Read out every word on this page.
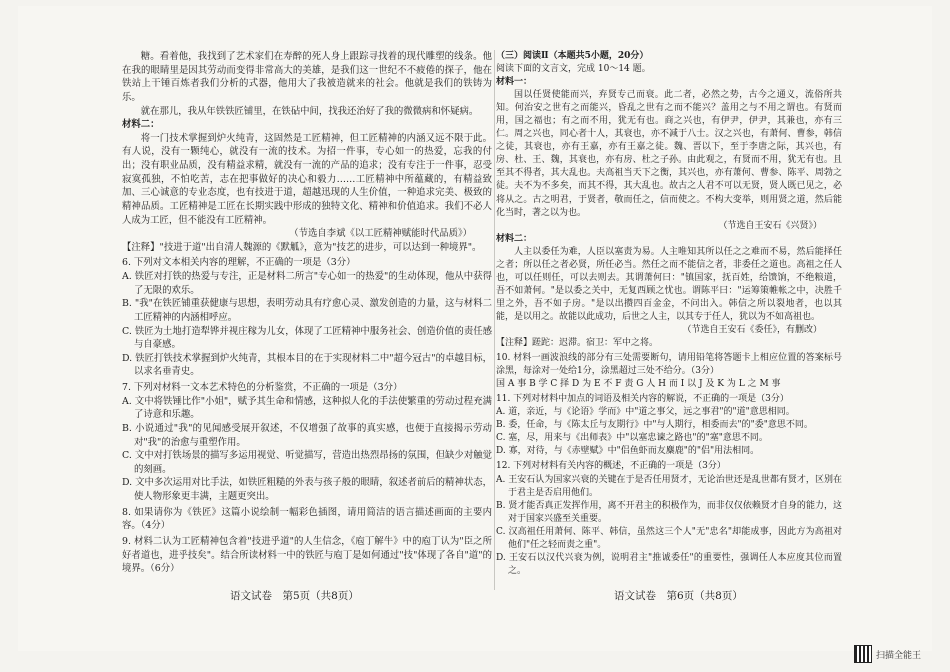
糖。看着他，我找到了艺术家们在寿醉的死人身上跟踪寻找着的现代雕塑的线条。他在我的眼睛里是因其劳动而变得非常高大的美雄，是我们这一世纪不不疲倦的探子，他在铁站上干锤百炼者我们分析的式器，他用大了我被造就来的社会。他就是我们的铁铸为乐。

就在那儿，我从年铁铁匠铺里，在铁砧中间，找我还治好了我的微微病和怀疑病。

材料二：

将一门技术掌握到炉火纯青，这固然是工匠精神，但工匠精神的内涵又远不限于此。有人说，没有一颗纯心，就没有一流的技术。为招一件事，专心如一的热爱，忘我的付出；没有职业品质，没有精益求精，就没有一流的产品的追求；没有专注于一件事，忍受寂寞孤独，不怕吃苦，志在把事做好的决心和毅力……工匠精神中所蕴藏的，有精益致加、三心诚意的专业态度，也有技进于道，超越迅现的人生价值，一种追求完美、极致的精神品质。工匠精神是工匠在长期实践中形成的独特文化、精神和价值追求。我们不必人人成为工匠，但不能没有工匠精神。

（节选自李斌《以工匠精神赋能时代品质》）

【注释】"技进于道"出自清人魏源的《默觚》，意为"技艺的进步，可以达到一种境界"。

6. 下列对文本相关内容的理解，不正确的一项是（3分）

A. 铁匠对打铁的热爱与专注，正是材料二所言"专心如一的热爱"的生动体现，他从中获得了无限的欢乐。

B. "我"在铁匠铺重获健康与思想，表明劳动具有疗愈心灵、激发创造的力量，这与材料二工匠精神的内涵相呼应。

C. 铁匠为土地打造犁铧并视庄稼为儿女，体现了工匠精神中服务社会、创造价值的责任感与自豪感。

D. 铁匠打铁技术掌握到炉火纯青，其根本目的在于实现材料二中"超今冠古"的卓越目标，以求名垂青史。

7. 下列对材料一文本艺术特色的分析鉴赏，不正确的一项是（3分）

A. 文中将铁锤比作"小姐"，赋予其生命和情感，这种拟人化的手法使繁重的劳动过程充满了诗意和乐趣。

B. 小说通过"我"的见闻感受展开叙述，不仅增强了故事的真实感，也便于直接揭示劳动对"我"的治愈与重塑作用。

C. 文中对打铁场景的描写多运用视觉、听觉描写，营造出热烈昂扬的氛围，但缺少对触觉的刻画。

D. 文中多次运用对比手法，如铁匠粗糙的外表与孩子般的眼睛，叙述者前后的精神状态，使人物形象更丰满，主题更突出。

8. 如果请你为《铁匠》这篇小说绘制一幅彩色插图，请用简洁的语言描述画面的主要内容。（4分）

9. 材料二认为工匠精神包含着"技进乎道"的人生信念，《庖丁解牛》中的庖丁认为"臣之所好者道也，进乎技矣"。结合所读材料一中的铁匠与庖丁是如何通过"技"体现了各自"道"的境界。（6分）

（三）阅读Ⅱ（本题共5小题，20分）

阅读下面的文言文，完成 10～14 题。

材料一：

国以任贤使能而兴，弃贤专己而衰。此二者，必然之势，古今之通义，流俗所共知。何治安之世有之而能兴，昏乱之世有之而不能兴？盖用之与不用之谓也。有贤而用，国之福也；有之而不用，犹无有也。商之兴也，有伊尹，伊尹，其兼也，亦有三仁。周之兴也，同心者十人，其衰也，亦不减于八士。汉之兴也，有萧何、曹参，韩信之徒，其衰也，亦有王嘉，亦有王嘉之徒。魏、晋以下，至于李唐之际，其兴也，有房、杜、王、魏，其衰也，亦有房、杜之子孙。由此观之，有贤而不用，犹无有也。且至其不得者，其大乱也。夫高祖当天下之衡，其兴也，亦有萧何、曹参、陈平、周勃之徒。夫不为不多矣，而其不得，其大乱也。故古之人君不可以无贤，贤人既已见之，必将从之。古之明君，于贤者，敬而任之，信而使之。不构大变举，则用贤之道，然后能化当时，著之以为也。

（节选自王安石《兴贤》）

材料二：

人主以委任为难，人臣以塞责为易。人主唯知其所以任之之难而不易，然后能择任之者；所以任之者必贤，所任必当。然任之而不能信之者，非委任之道也。高祖之任人也，可以任则任，可以去则去。其谓萧何曰："镇国家，抚百姓，给馈饷，不绝粮道，吾不如萧何。"是以委之关中，无复西顾之忧也。谓陈平曰："运筹策帷帐之中，决胜千里之外，吾不如子房。"是以出攒四百金金，不问出入。韩信之所以裂地者，也以其能，是以用之。故能以此成功，后世之人主，以其专于任人，犹以为不如高祖也。

（节选自王安石《委任》，有删改）

【注释】蹉跎：迟滞。宿卫：军中之将。

10. 材料一画波浪线的部分有三处需要断句，请用铅笔将答题卡上相应位置的答案标号涂黑，每涂对一处给1分，涂黑超过三处不给分。（3分）

国 A 事 B 学 C 择 D 为 E 不 F 责 G 人 H 而 I 以 J 及 K 为 L 之 M 事

11. 下列对材料中加点的词语及相关内容的解说，不正确的一项是（3分）

A. 道，亲近，与《论语》学而》中"道之事父，远之事君"的"道"意思相同。

B. 委，任命，与《陈太丘与友期行》中"与人期行，相委而去"的"委"意思不同。

C. 塞，尽，用来与《出师表》中"以塞忠谏之路也"的"塞"意思不同。

D. 寡，对待，与《赤壁赋》中"侣鱼虾而友麋鹿"的"侣"用法相同。

12. 下列对材料有关内容的概述，不正确的一项是（3分）

A. 王安石认为国家兴衰的关键在于是否任用贤才，无论治世还是乱世都有贤才，区别在于君主是否启用他们。

B. 贤才能否真正发挥作用，离不开君主的积极作为，而非仅仅依赖贤才自身的能力，这对于国家兴盛至关重要。

C. 汉高祖任用萧何、陈平、韩信，虽然这三个人"无"忠名"却能成事，因此方为高祖对他们"任之轻而责之重"。

D. 王安石以汉代兴衰为例，说明君主"推诚委任"的重要性，强调任人本应度其位而置之。

语文试卷　第5页（共8页）	语文试卷　第6页（共8页）
扫描全能王
